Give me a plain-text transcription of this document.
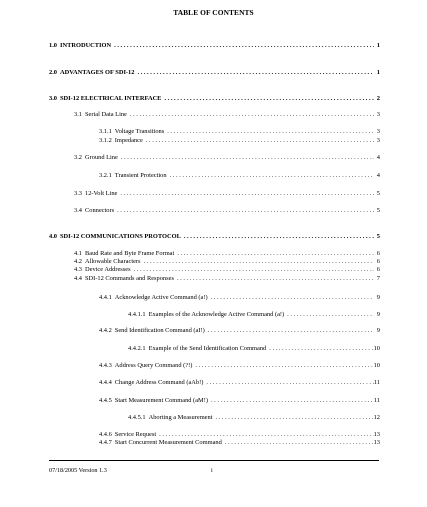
TABLE OF CONTENTS
1.0 INTRODUCTION . . .	1
2.0 ADVANTAGES OF SDI-12 . . .	1
3.0 SDI-12 ELECTRICAL INTERFACE . . .	2
3.1 Serial Data Line . . .	3
3.1.1 Voltage Transitions . . .	3
3.1.2 Impedance . . .	3
3.2 Ground Line . . .	4
3.2.1 Transient Protection . . .	4
3.3 12-Volt Line . . .	5
3.4 Connectors . . .	5
4.0 SDI-12 COMMUNICATIONS PROTOCOL . . .	5
4.1 Baud Rate and Byte Frame Format . . .	6
4.2 Allowable Characters . . .	6
4.3 Device Addresses . . .	6
4.4 SDI-12 Commands and Responses . . .	7
4.4.1 Acknowledge Active Command (a!) . . .	9
4.4.1.1 Examples of the Acknowledge Active Command (a!) . . .	9
4.4.2 Send Identification Command (aI!) . . .	9
4.4.2.1 Example of the Send Identification Command . . .	10
4.4.3 Address Query Command (?!) . . .	10
4.4.4 Change Address Command (aAb!) . . .	11
4.4.5 Start Measurement Command (aM!) . . .	11
4.4.5.1 Aborting a Measurement . . .	12
4.4.6 Service Request . . .	13
4.4.7 Start Concurrent Measurement Command . . .	13
07/18/2005 Version 1.3	i
